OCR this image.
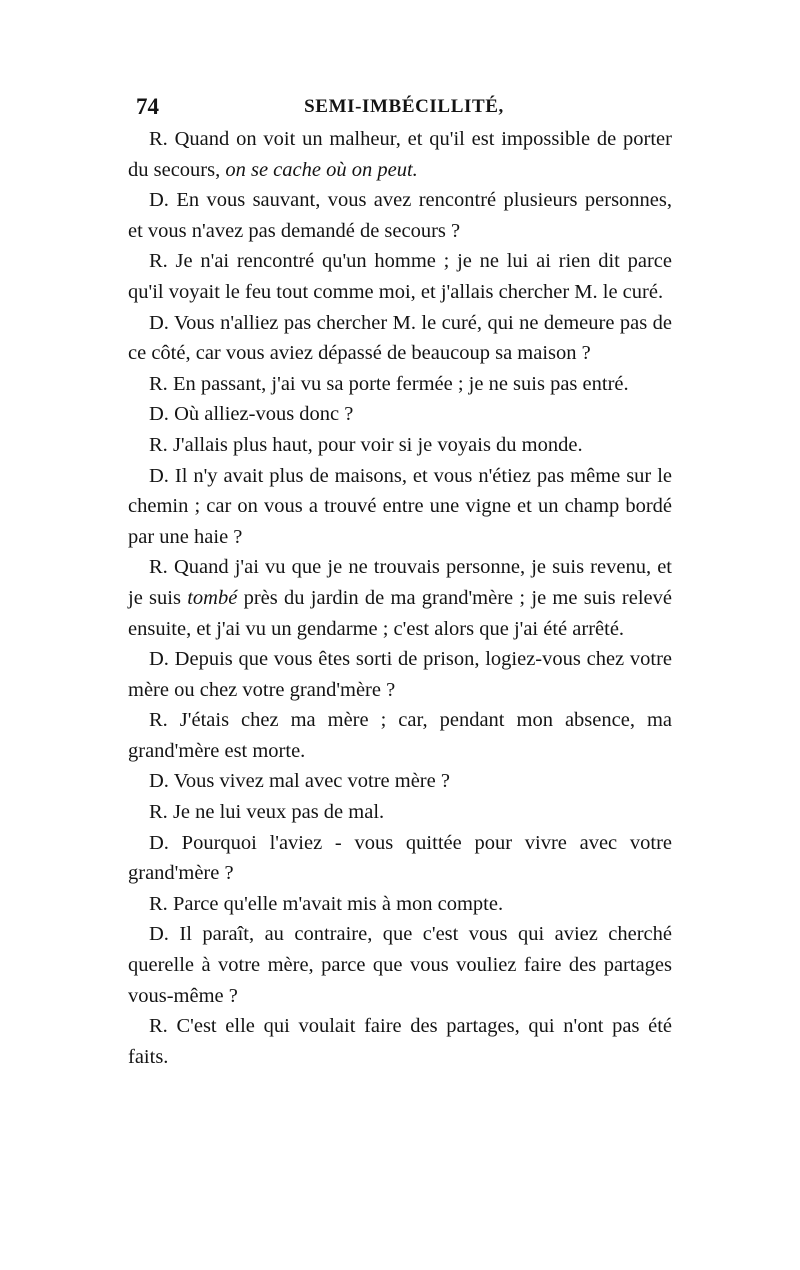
74	SEMI-IMBÉCILLITÉ,

R. Quand on voit un malheur, et qu'il est impossible de porter du secours, on se cache où on peut.

D. En vous sauvant, vous avez rencontré plusieurs personnes, et vous n'avez pas demandé de secours ?

R. Je n'ai rencontré qu'un homme ; je ne lui ai rien dit parce qu'il voyait le feu tout comme moi, et j'allais chercher M. le curé.

D. Vous n'alliez pas chercher M. le curé, qui ne demeure pas de ce côté, car vous aviez dépassé de beaucoup sa maison ?

R. En passant, j'ai vu sa porte fermée ; je ne suis pas entré.

D. Où alliez-vous donc ?

R. J'allais plus haut, pour voir si je voyais du monde.

D. Il n'y avait plus de maisons, et vous n'étiez pas même sur le chemin ; car on vous a trouvé entre une vigne et un champ bordé par une haie ?

R. Quand j'ai vu que je ne trouvais personne, je suis revenu, et je suis tombé près du jardin de ma grand'mère ; je me suis relevé ensuite, et j'ai vu un gendarme ; c'est alors que j'ai été arrêté.

D. Depuis que vous êtes sorti de prison, logiez-vous chez votre mère ou chez votre grand'mère ?

R. J'étais chez ma mère ; car, pendant mon absence, ma grand'mère est morte.

D. Vous vivez mal avec votre mère ?

R. Je ne lui veux pas de mal.

D. Pourquoi l'aviez - vous quittée pour vivre avec votre grand'mère ?

R. Parce qu'elle m'avait mis à mon compte.

D. Il paraît, au contraire, que c'est vous qui aviez cherché querelle à votre mère, parce que vous vouliez faire des partages vous-même ?

R. C'est elle qui voulait faire des partages, qui n'ont pas été faits.
